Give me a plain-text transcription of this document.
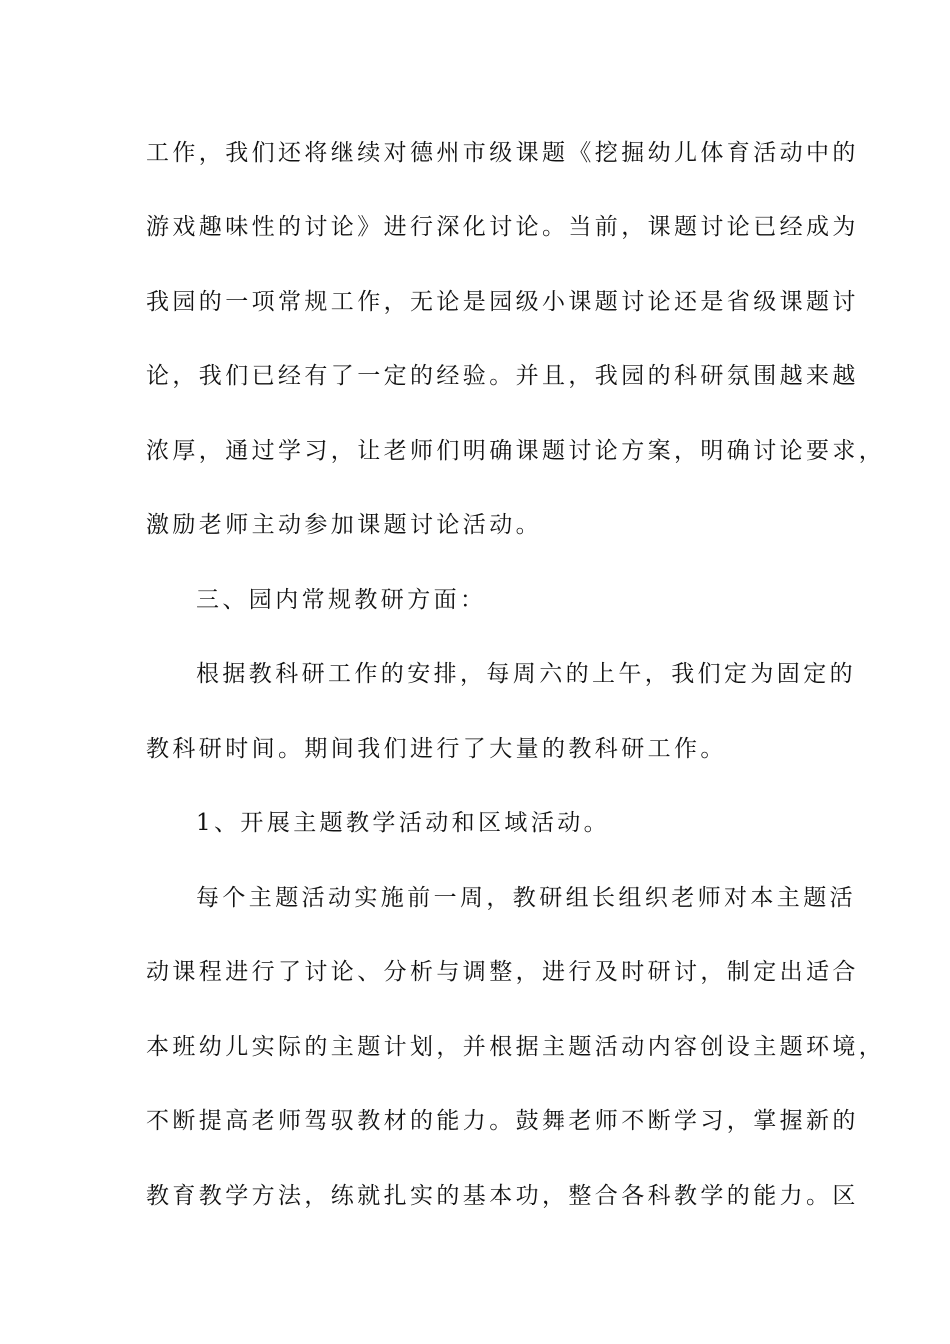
工作，我们还将继续对德州市级课题《挖掘幼儿体育活动中的
游戏趣味性的讨论》进行深化讨论。当前，课题讨论已经成为
我园的一项常规工作，无论是园级小课题讨论还是省级课题讨
论，我们已经有了一定的经验。并且，我园的科研氛围越来越
浓厚，通过学习，让老师们明确课题讨论方案，明确讨论要求，
激励老师主动参加课题讨论活动。
三、园内常规教研方面：
根据教科研工作的安排，每周六的上午，我们定为固定的
教科研时间。期间我们进行了大量的教科研工作。
1、开展主题教学活动和区域活动。
每个主题活动实施前一周，教研组长组织老师对本主题活
动课程进行了讨论、分析与调整，进行及时研讨，制定出适合
本班幼儿实际的主题计划，并根据主题活动内容创设主题环境，
不断提高老师驾驭教材的能力。鼓舞老师不断学习，掌握新的
教育教学方法，练就扎实的基本功，整合各科教学的能力。区
